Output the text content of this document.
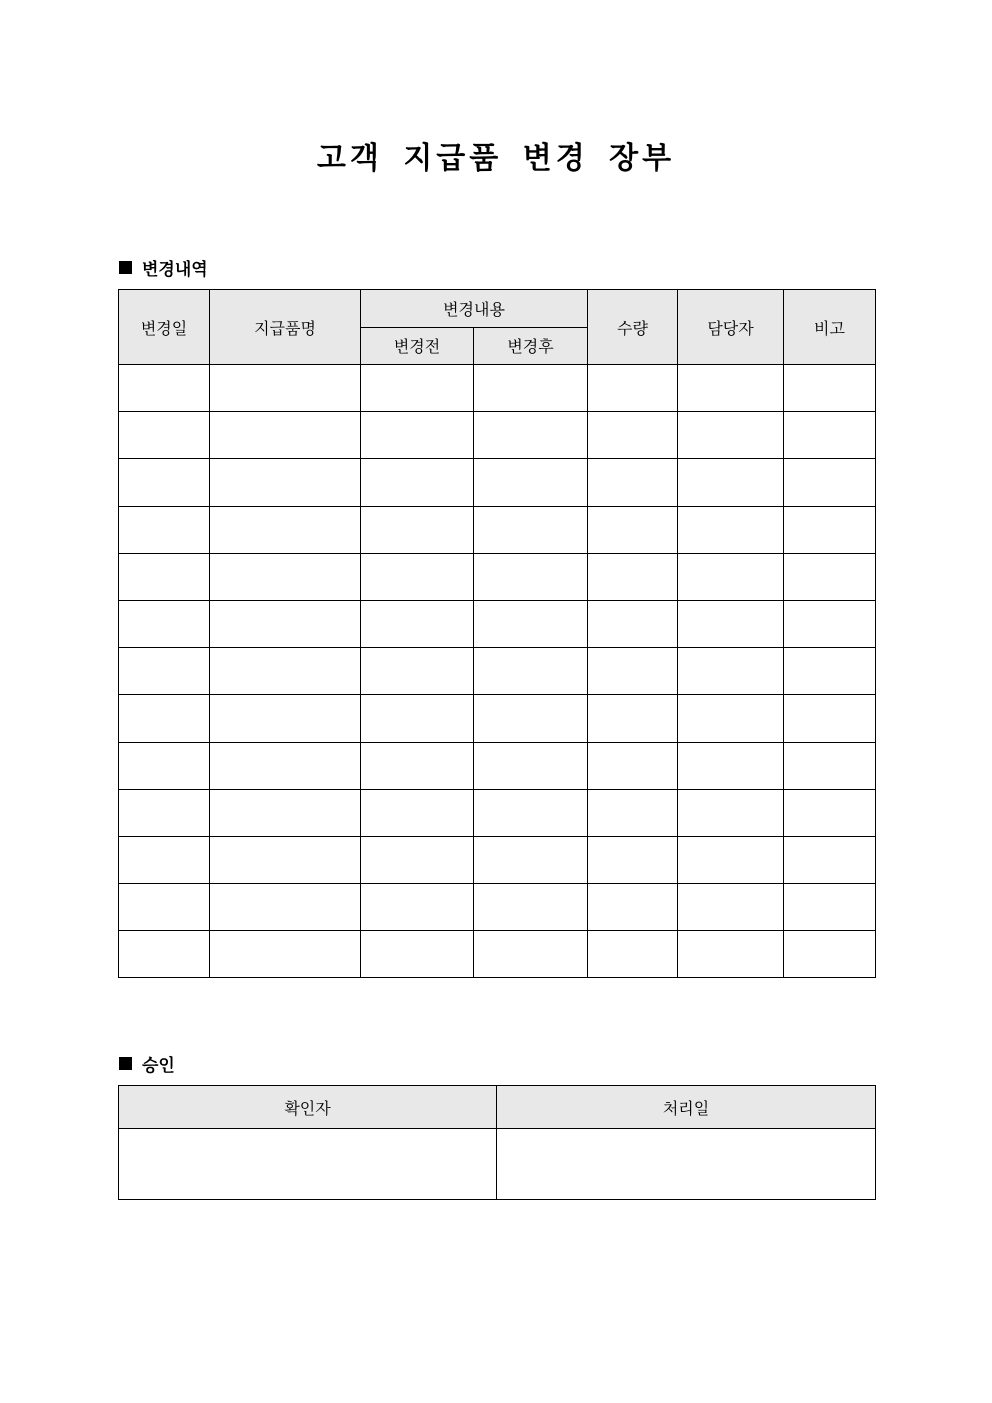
고객 지급품 변경 장부
변경내역
변경일	지급품명	변경내용		수량	담당자	비고
		변경전	변경후			

승인
확인자	처리일
